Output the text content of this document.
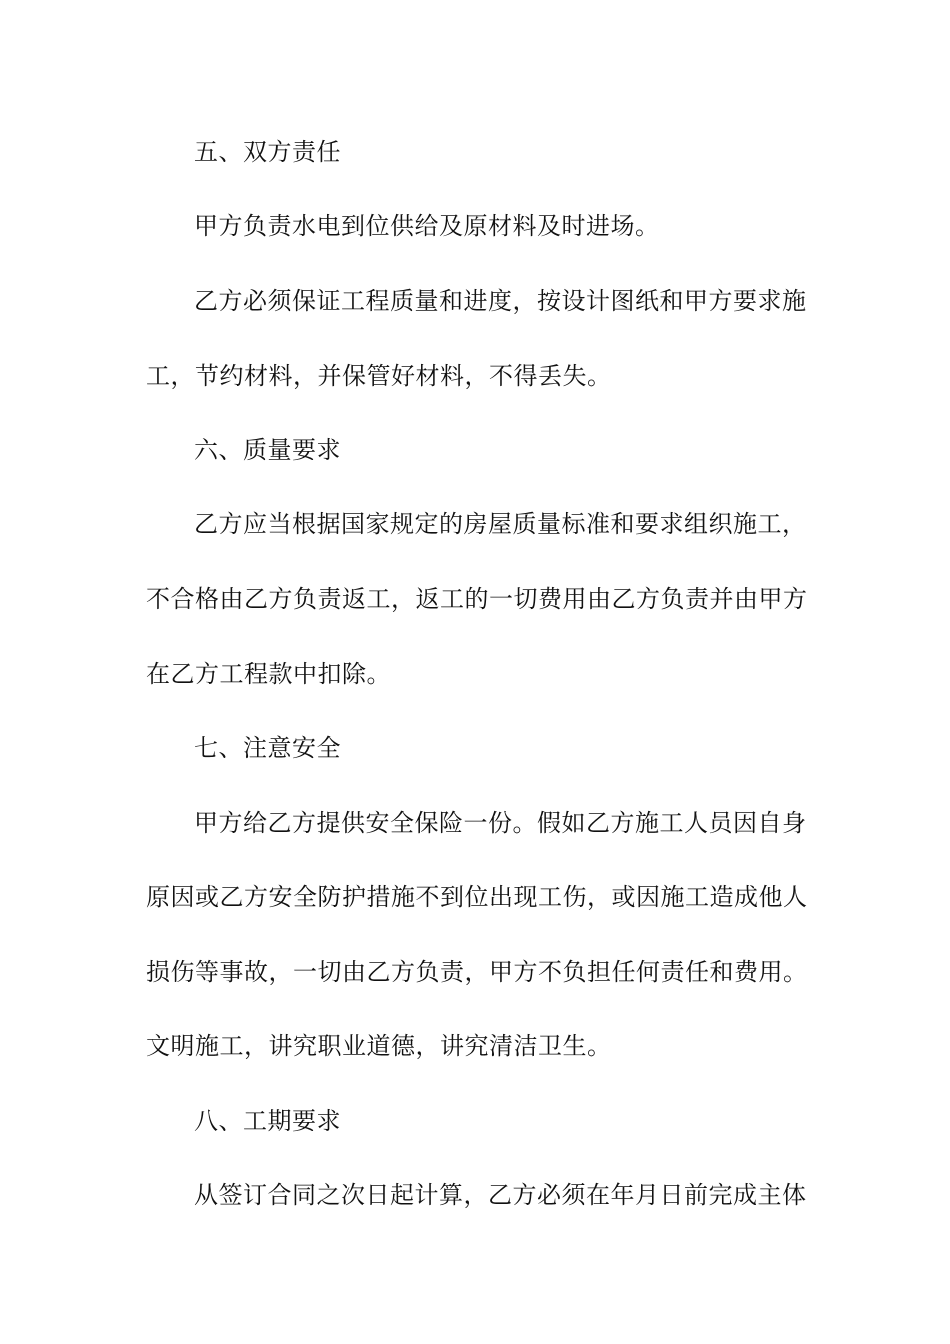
五、双方责任
甲方负责水电到位供给及原材料及时进场。
乙方必须保证工程质量和进度，按设计图纸和甲方要求施
工，节约材料，并保管好材料，不得丢失。
六、质量要求
乙方应当根据国家规定的房屋质量标准和要求组织施工，
不合格由乙方负责返工，返工的一切费用由乙方负责并由甲方
在乙方工程款中扣除。
七、注意安全
甲方给乙方提供安全保险一份。假如乙方施工人员因自身
原因或乙方安全防护措施不到位出现工伤，或因施工造成他人
损伤等事故，一切由乙方负责，甲方不负担任何责任和费用。
文明施工，讲究职业道德，讲究清洁卫生。
八、工期要求
从签订合同之次日起计算，乙方必须在年月日前完成主体
